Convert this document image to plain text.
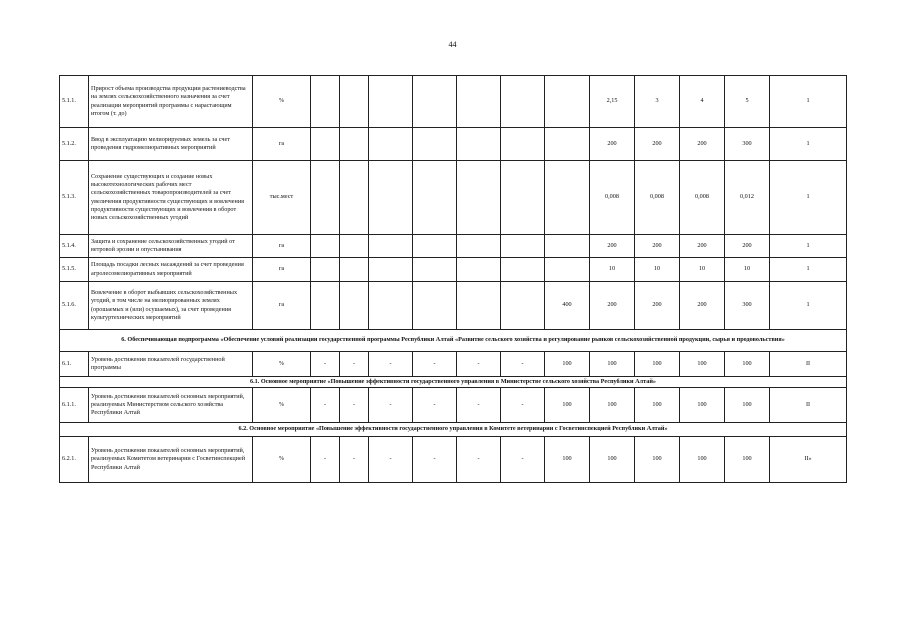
44
5.1.1.	Прирост объема производства продукции растениеводства на землях сельскохозяйственного назначения за счет реализации мероприятий программы с нарастающим итогом (т. до)	%								2,15	3	4	5	1
5.1.2.	Ввод в эксплуатацию мелиорируемых земель за счет проведения гидромелиоративных мероприятий	га								200	200	200	300	1
5.1.3.	Сохранение существующих и создание новых высокотехнологических рабочих мест сельскохозяйственных товаропроизводителей за счет увеличения продуктивности существующих и вовлечения продуктивности существующих и вовлечения в оборот новых сельскохозяйственных угодий	тыс.мест								0,008	0,008	0,008	0,012	1
5.1.4.	Защита и сохранение сельскохозяйственных угодий от ветровой эрозии и опустынивания	га								200	200	200	200	1
5.1.5.	Площадь посадки лесных насаждений за счет проведения агролесомелиоративных мероприятий	га								10	10	10	10	1
5.1.6.	Вовлечение в оборот выбывших сельскохозяйственных угодий, в том числе на мелиорированных землях (орошаемых и (или) осушаемых), за счет проведения культуртехнических мероприятий	га							400	200	200	200	300	1
6. Обеспечивающая подпрограмма «Обеспечение условий реализации государственной программы Республики Алтай «Развитие сельского хозяйства и регулирование рынков сельскохозяйственной продукции, сырья и продовольствия»														
6.1.	Уровень достижения показателей государственной программы	%	-	-	-	-	-	-	100	100	100	100	100	II
6.1. Основное мероприятие «Повышение эффективности государственного управления в Министерстве сельского хозяйства Республики Алтай»														
6.1.1.	Уровень достижения показателей основных мероприятий, реализуемых Министерством сельского хозяйства Республики Алтай	%	-	-	-	-	-	-	100	100	100	100	100	II
6.2. Основное мероприятие «Повышение эффективности государственного управления в Комитете ветеринарии с Госветинспекцией Республики Алтай»														
6.2.1.	Уровень достижения показателей основных мероприятий, реализуемых Комитетом ветеринарии с Госветинспекцией Республики Алтай	%	-	-	-	-	-	-	100	100	100	100	100	II»
